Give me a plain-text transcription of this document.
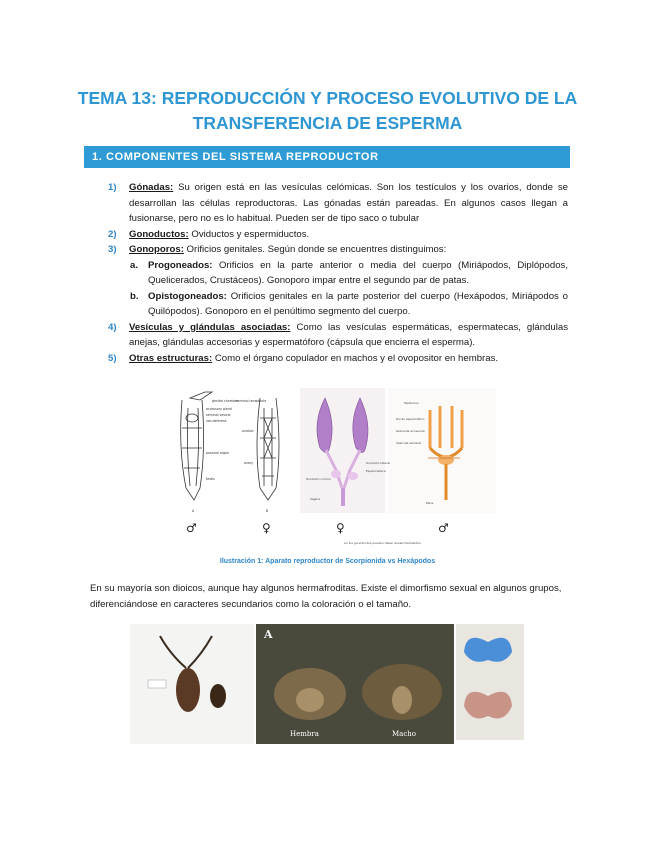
TEMA 13: REPRODUCCIÓN Y PROCESO EVOLUTIVO DE LA TRANSFERENCIA DE ESPERMA
1. COMPONENTES DEL SISTEMA REPRODUCTOR
1) Gónadas: Su origen está en las vesículas celómicas. Son los testículos y los ovarios, donde se desarrollan las células reproductoras. Las gónadas están pareadas. En algunos casos llegan a fusionarse, pero no es lo habitual. Pueden ser de tipo saco o tubular
2) Gonoductos: Oviductos y espermiductos.
3) Gonoporos: Orificios genitales. Según donde se encuentres distinguimos:
a. Progoneados: Orificios en la parte anterior o media del cuerpo (Miriápodos, Diplópodos, Quelicerados, Crustáceos). Gonoporo impar entre el segundo par de patas.
b. Opistogoneados: Orificios genitales en la parte posterior del cuerpo (Hexápodos, Miriápodos o Quilópodos). Gonoporo en el penúltimo segmento del cuerpo.
4) Vesículas y glándulas asociadas: Como las vesículas espermáticas, espermatecas, glándulas anejas, glándulas accesorias y espermatóforo (cápsula que encierra el esperma).
5) Otras estructuras: Como el órgano copulador en machos y el ovopositor en hembras.
genital chamber
seminal receptacle
accessory gland
seminal vesicle
vas deferens
oviduct
paraxial organ
ovary
testis
A	B
Testículos
Ducto espermático
Glándula accesoria
Vesícula seminal
Oviducto lateral
Espermateca
Vagina
Oviducto común
Pene
en los gonoductos pueden haber ensanchamientos
♂	♀	♀	♂
Ilustración 1: Aparato reproductor de Scorpionida vs Hexápodos
En su mayoría son dioicos, aunque hay algunos hermafroditas. Existe el dimorfismo sexual en algunos grupos, diferenciándose en caracteres secundarios como la coloración o el tamaño.
A
Hembra	Macho
